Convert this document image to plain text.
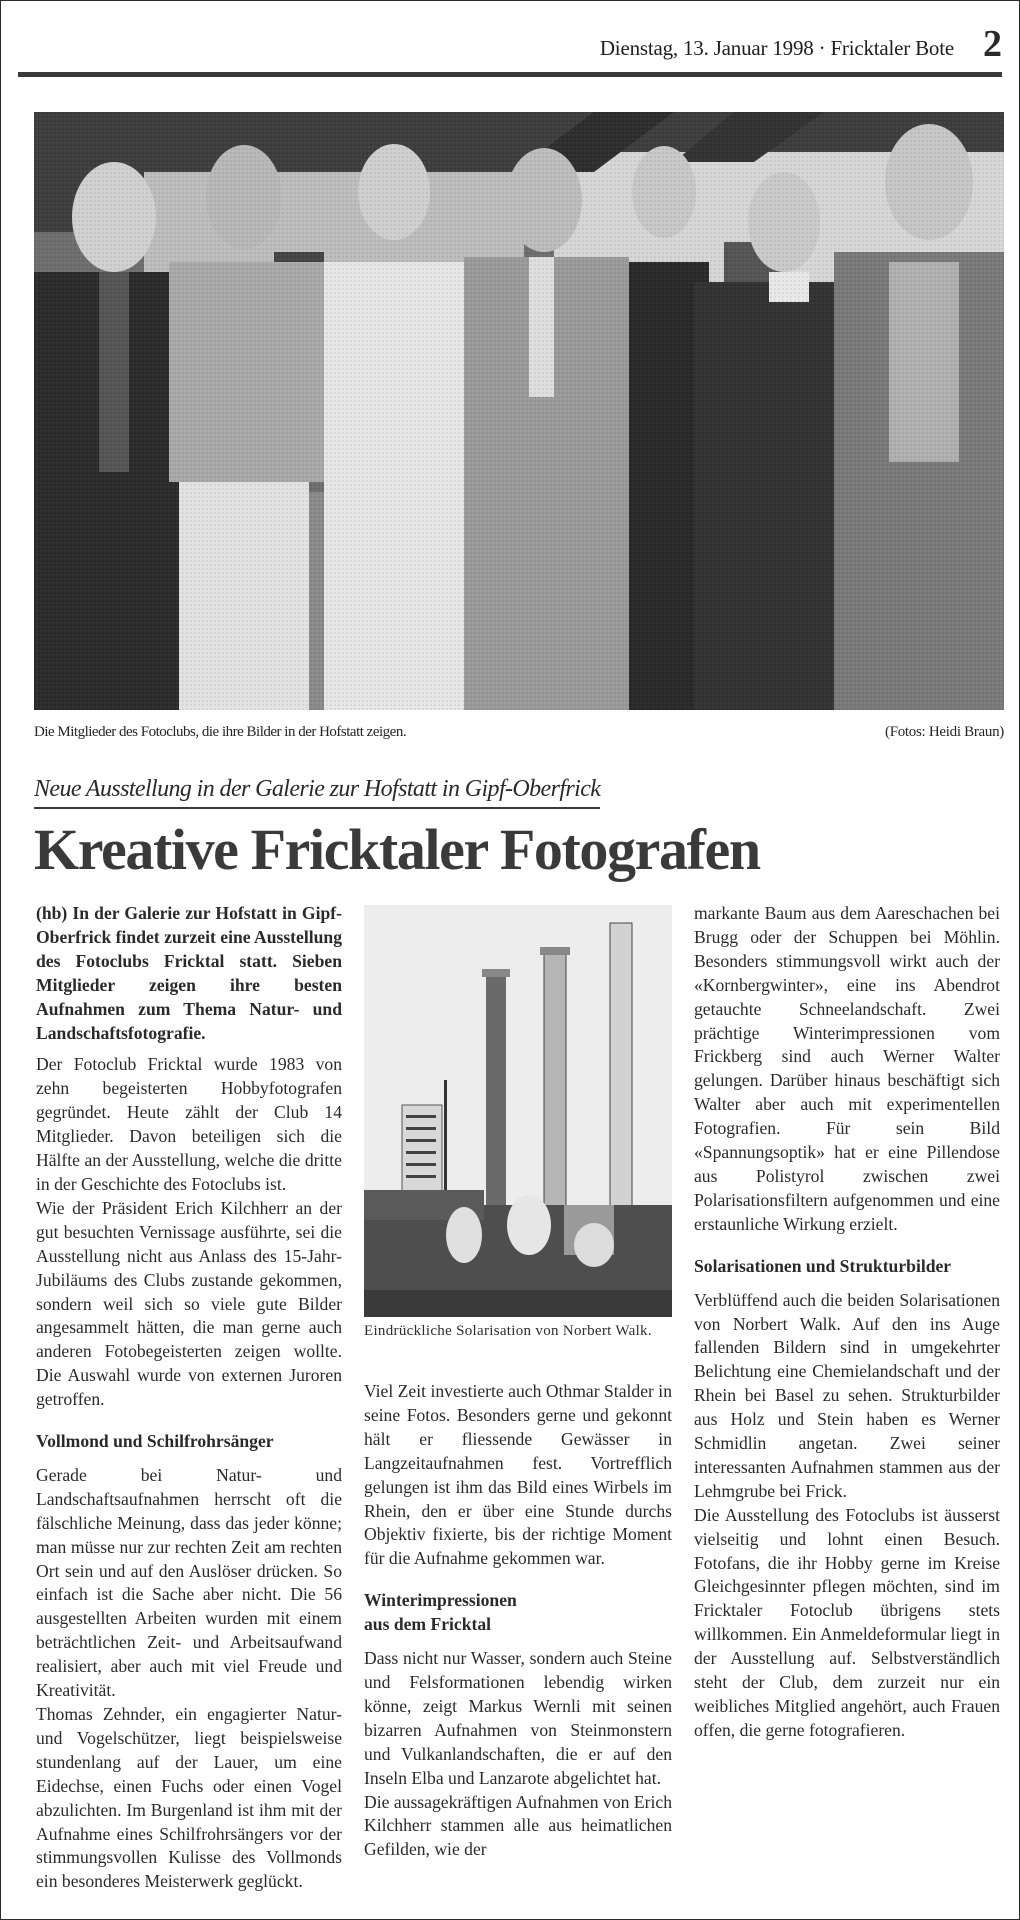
Dienstag, 13. Januar 1998 · Fricktaler Bote 2
Die Mitglieder des Fotoclubs, die ihre Bilder in der Hofstatt zeigen.	(Fotos: Heidi Braun)
Neue Ausstellung in der Galerie zur Hofstatt in Gipf-Oberfrick
Kreative Fricktaler Fotografen

(hb) In der Galerie zur Hofstatt in Gipf-Oberfrick findet zurzeit eine Ausstellung des Fotoclubs Fricktal statt. Sieben Mitglieder zeigen ihre besten Aufnahmen zum Thema Natur- und Landschaftsfotografie.

Der Fotoclub Fricktal wurde 1983 von zehn begeisterten Hobbyfotografen gegründet. Heute zählt der Club 14 Mitglieder. Davon beteiligen sich die Hälfte an der Ausstellung, welche die dritte in der Geschichte des Fotoclubs ist.

Wie der Präsident Erich Kilchherr an der gut besuchten Vernissage ausführte, sei die Ausstellung nicht aus Anlass des 15-Jahr-Jubiläums des Clubs zustande gekommen, sondern weil sich so viele gute Bilder angesammelt hätten, die man gerne auch anderen Fotobegeisterten zeigen wollte. Die Auswahl wurde von externen Juroren getroffen.

Vollmond und Schilfrohrsänger

Gerade bei Natur- und Landschaftsaufnahmen herrscht oft die fälschliche Meinung, dass das jeder könne; man müsse nur zur rechten Zeit am rechten Ort sein und auf den Auslöser drücken. So einfach ist die Sache aber nicht. Die 56 ausgestellten Arbeiten wurden mit einem beträchtlichen Zeit- und Arbeitsaufwand realisiert, aber auch mit viel Freude und Kreativität.

Thomas Zehnder, ein engagierter Natur- und Vogelschützer, liegt beispielsweise stundenlang auf der Lauer, um eine Eidechse, einen Fuchs oder einen Vogel abzulichten. Im Burgenland ist ihm mit der Aufnahme eines Schilfrohrsängers vor der stimmungsvollen Kulisse des Vollmonds ein besonderes Meisterwerk geglückt.

Eindrückliche Solarisation von Norbert Walk.

Viel Zeit investierte auch Othmar Stalder in seine Fotos. Besonders gerne und gekonnt hält er fliessende Gewässer in Langzeitaufnahmen fest. Vortrefflich gelungen ist ihm das Bild eines Wirbels im Rhein, den er über eine Stunde durchs Objektiv fixierte, bis der richtige Moment für die Aufnahme gekommen war.

Winterimpressionen
aus dem Fricktal

Dass nicht nur Wasser, sondern auch Steine und Felsformationen lebendig wirken könne, zeigt Markus Wernli mit seinen bizarren Aufnahmen von Steinmonstern und Vulkanlandschaften, die er auf den Inseln Elba und Lanzarote abgelichtet hat.

Die aussagekräftigen Aufnahmen von Erich Kilchherr stammen alle aus heimatlichen Gefilden, wie der

markante Baum aus dem Aareschachen bei Brugg oder der Schuppen bei Möhlin. Besonders stimmungsvoll wirkt auch der «Kornbergwinter», eine ins Abendrot getauchte Schneelandschaft. Zwei prächtige Winterimpressionen vom Frickberg sind auch Werner Walter gelungen. Darüber hinaus beschäftigt sich Walter aber auch mit experimentellen Fotografien. Für sein Bild «Spannungsoptik» hat er eine Pillendose aus Polistyrol zwischen zwei Polarisationsfiltern aufgenommen und eine erstaunliche Wirkung erzielt.

Solarisationen und Strukturbilder

Verblüffend auch die beiden Solarisationen von Norbert Walk. Auf den ins Auge fallenden Bildern sind in umgekehrter Belichtung eine Chemielandschaft und der Rhein bei Basel zu sehen. Strukturbilder aus Holz und Stein haben es Werner Schmidlin angetan. Zwei seiner interessanten Aufnahmen stammen aus der Lehmgrube bei Frick.

Die Ausstellung des Fotoclubs ist äusserst vielseitig und lohnt einen Besuch. Fotofans, die ihr Hobby gerne im Kreise Gleichgesinnter pflegen möchten, sind im Fricktaler Fotoclub übrigens stets willkommen. Ein Anmeldeformular liegt in der Ausstellung auf. Selbstverständlich steht der Club, dem zurzeit nur ein weibliches Mitglied angehört, auch Frauen offen, die gerne fotografieren.
